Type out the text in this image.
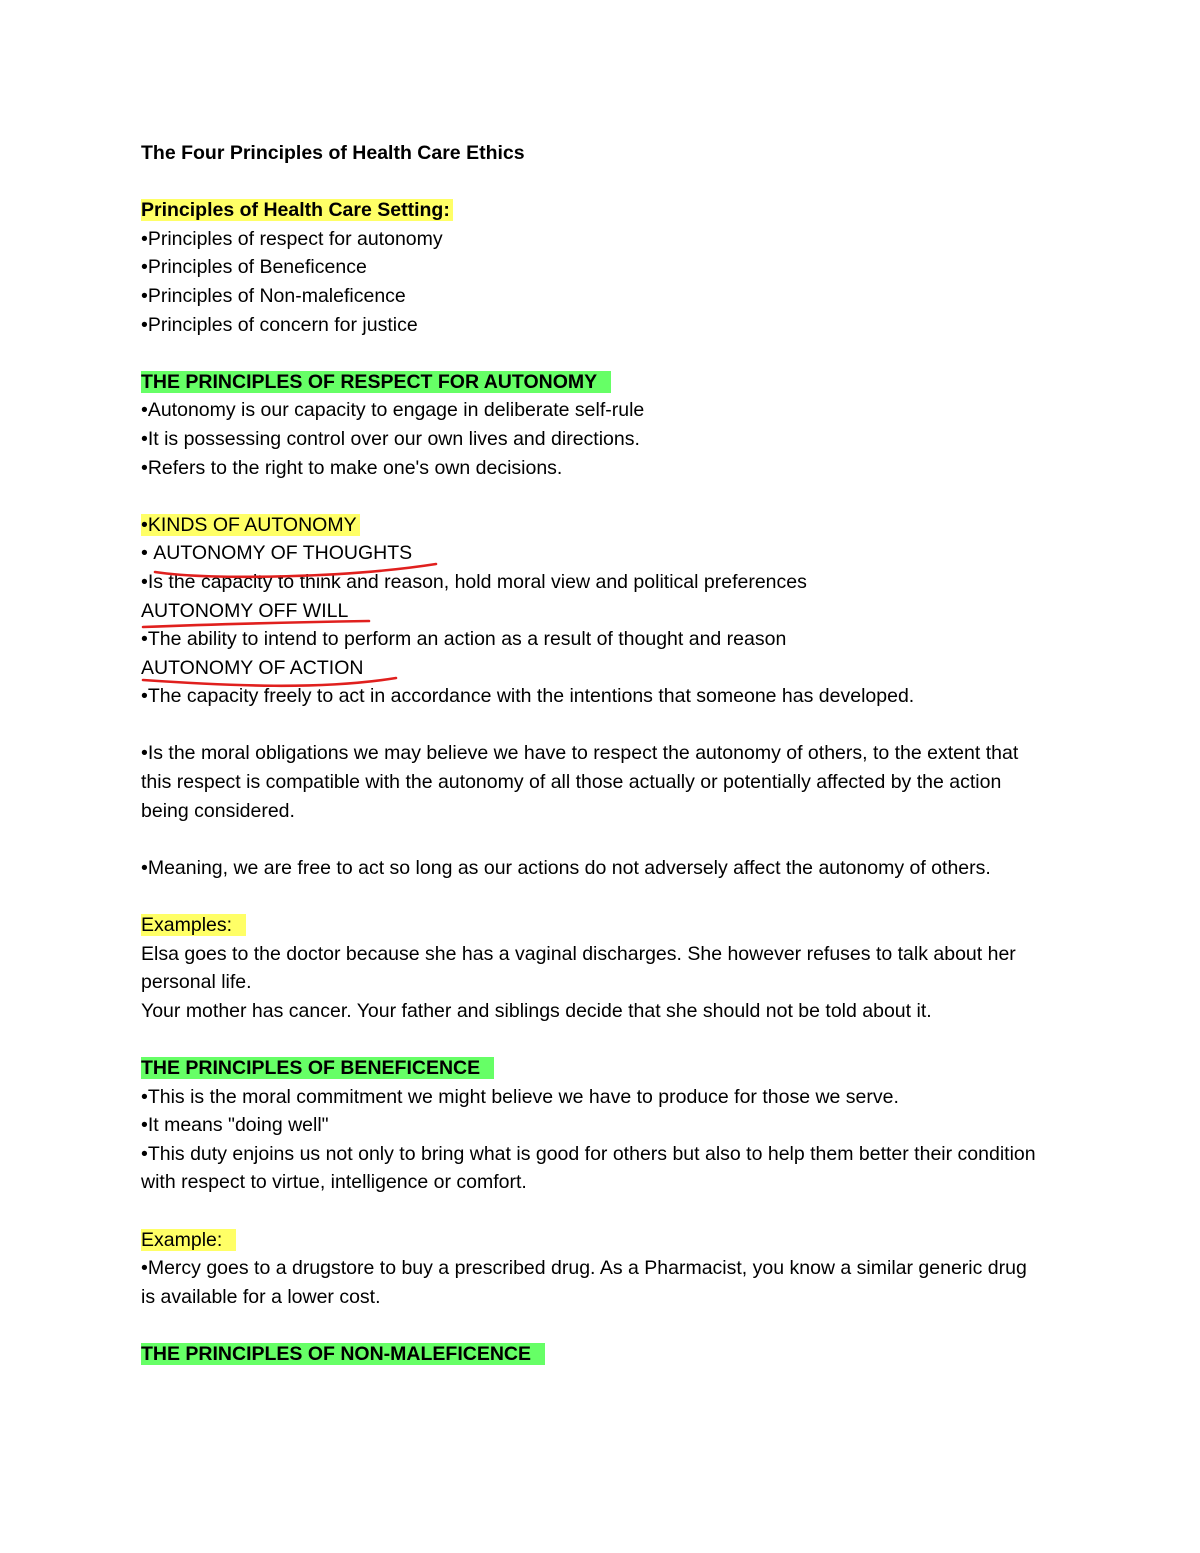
The Four Principles of Health Care Ethics
Principles of Health Care Setting:
•Principles of respect for autonomy
•Principles of Beneficence
•Principles of Non-maleficence
•Principles of concern for justice
THE PRINCIPLES OF RESPECT FOR AUTONOMY
•Autonomy is our capacity to engage in deliberate self-rule
•It is possessing control over our own lives and directions.
•Refers to the right to make one's own decisions.
•KINDS OF AUTONOMY
• AUTONOMY OF THOUGHTS
•Is the capacity to think and reason, hold moral view and political preferences
AUTONOMY OFF WILL
•The ability to intend to perform an action as a result of thought and reason
AUTONOMY OF ACTION
•The capacity freely to act in accordance with the intentions that someone has developed.
•Is the moral obligations we may believe we have to respect the autonomy of others, to the extent that this respect is compatible with the autonomy of all those actually or potentially affected by the action being considered.
•Meaning, we are free to act so long as our actions do not adversely affect the autonomy of others.
Examples:
Elsa goes to the doctor because she has a vaginal discharges. She however refuses to talk about her personal life.
Your mother has cancer. Your father and siblings decide that she should not be told about it.
THE PRINCIPLES OF BENEFICENCE
•This is the moral commitment we might believe we have to produce for those we serve.
•It means "doing well"
•This duty enjoins us not only to bring what is good for others but also to help them better their condition with respect to virtue, intelligence or comfort.
Example:
•Mercy goes to a drugstore to buy a prescribed drug. As a Pharmacist, you know a similar generic drug is available for a lower cost.
THE PRINCIPLES OF NON-MALEFICENCE
